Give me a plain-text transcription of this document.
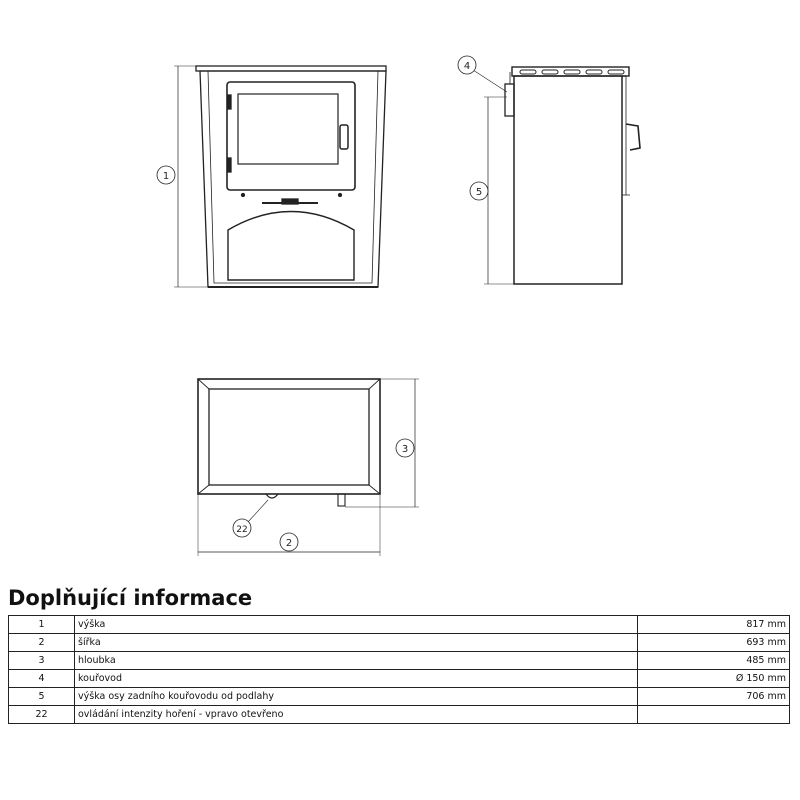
1
4
5
22
3
2
Doplňující informace
1	výška	817 mm
2	šířka	693 mm
3	hloubka	485 mm
4	kouřovod	Ø 150 mm
5	výška osy zadního kouřovodu od podlahy	706 mm
22	ovládání intenzity hoření - vpravo otevřeno	
